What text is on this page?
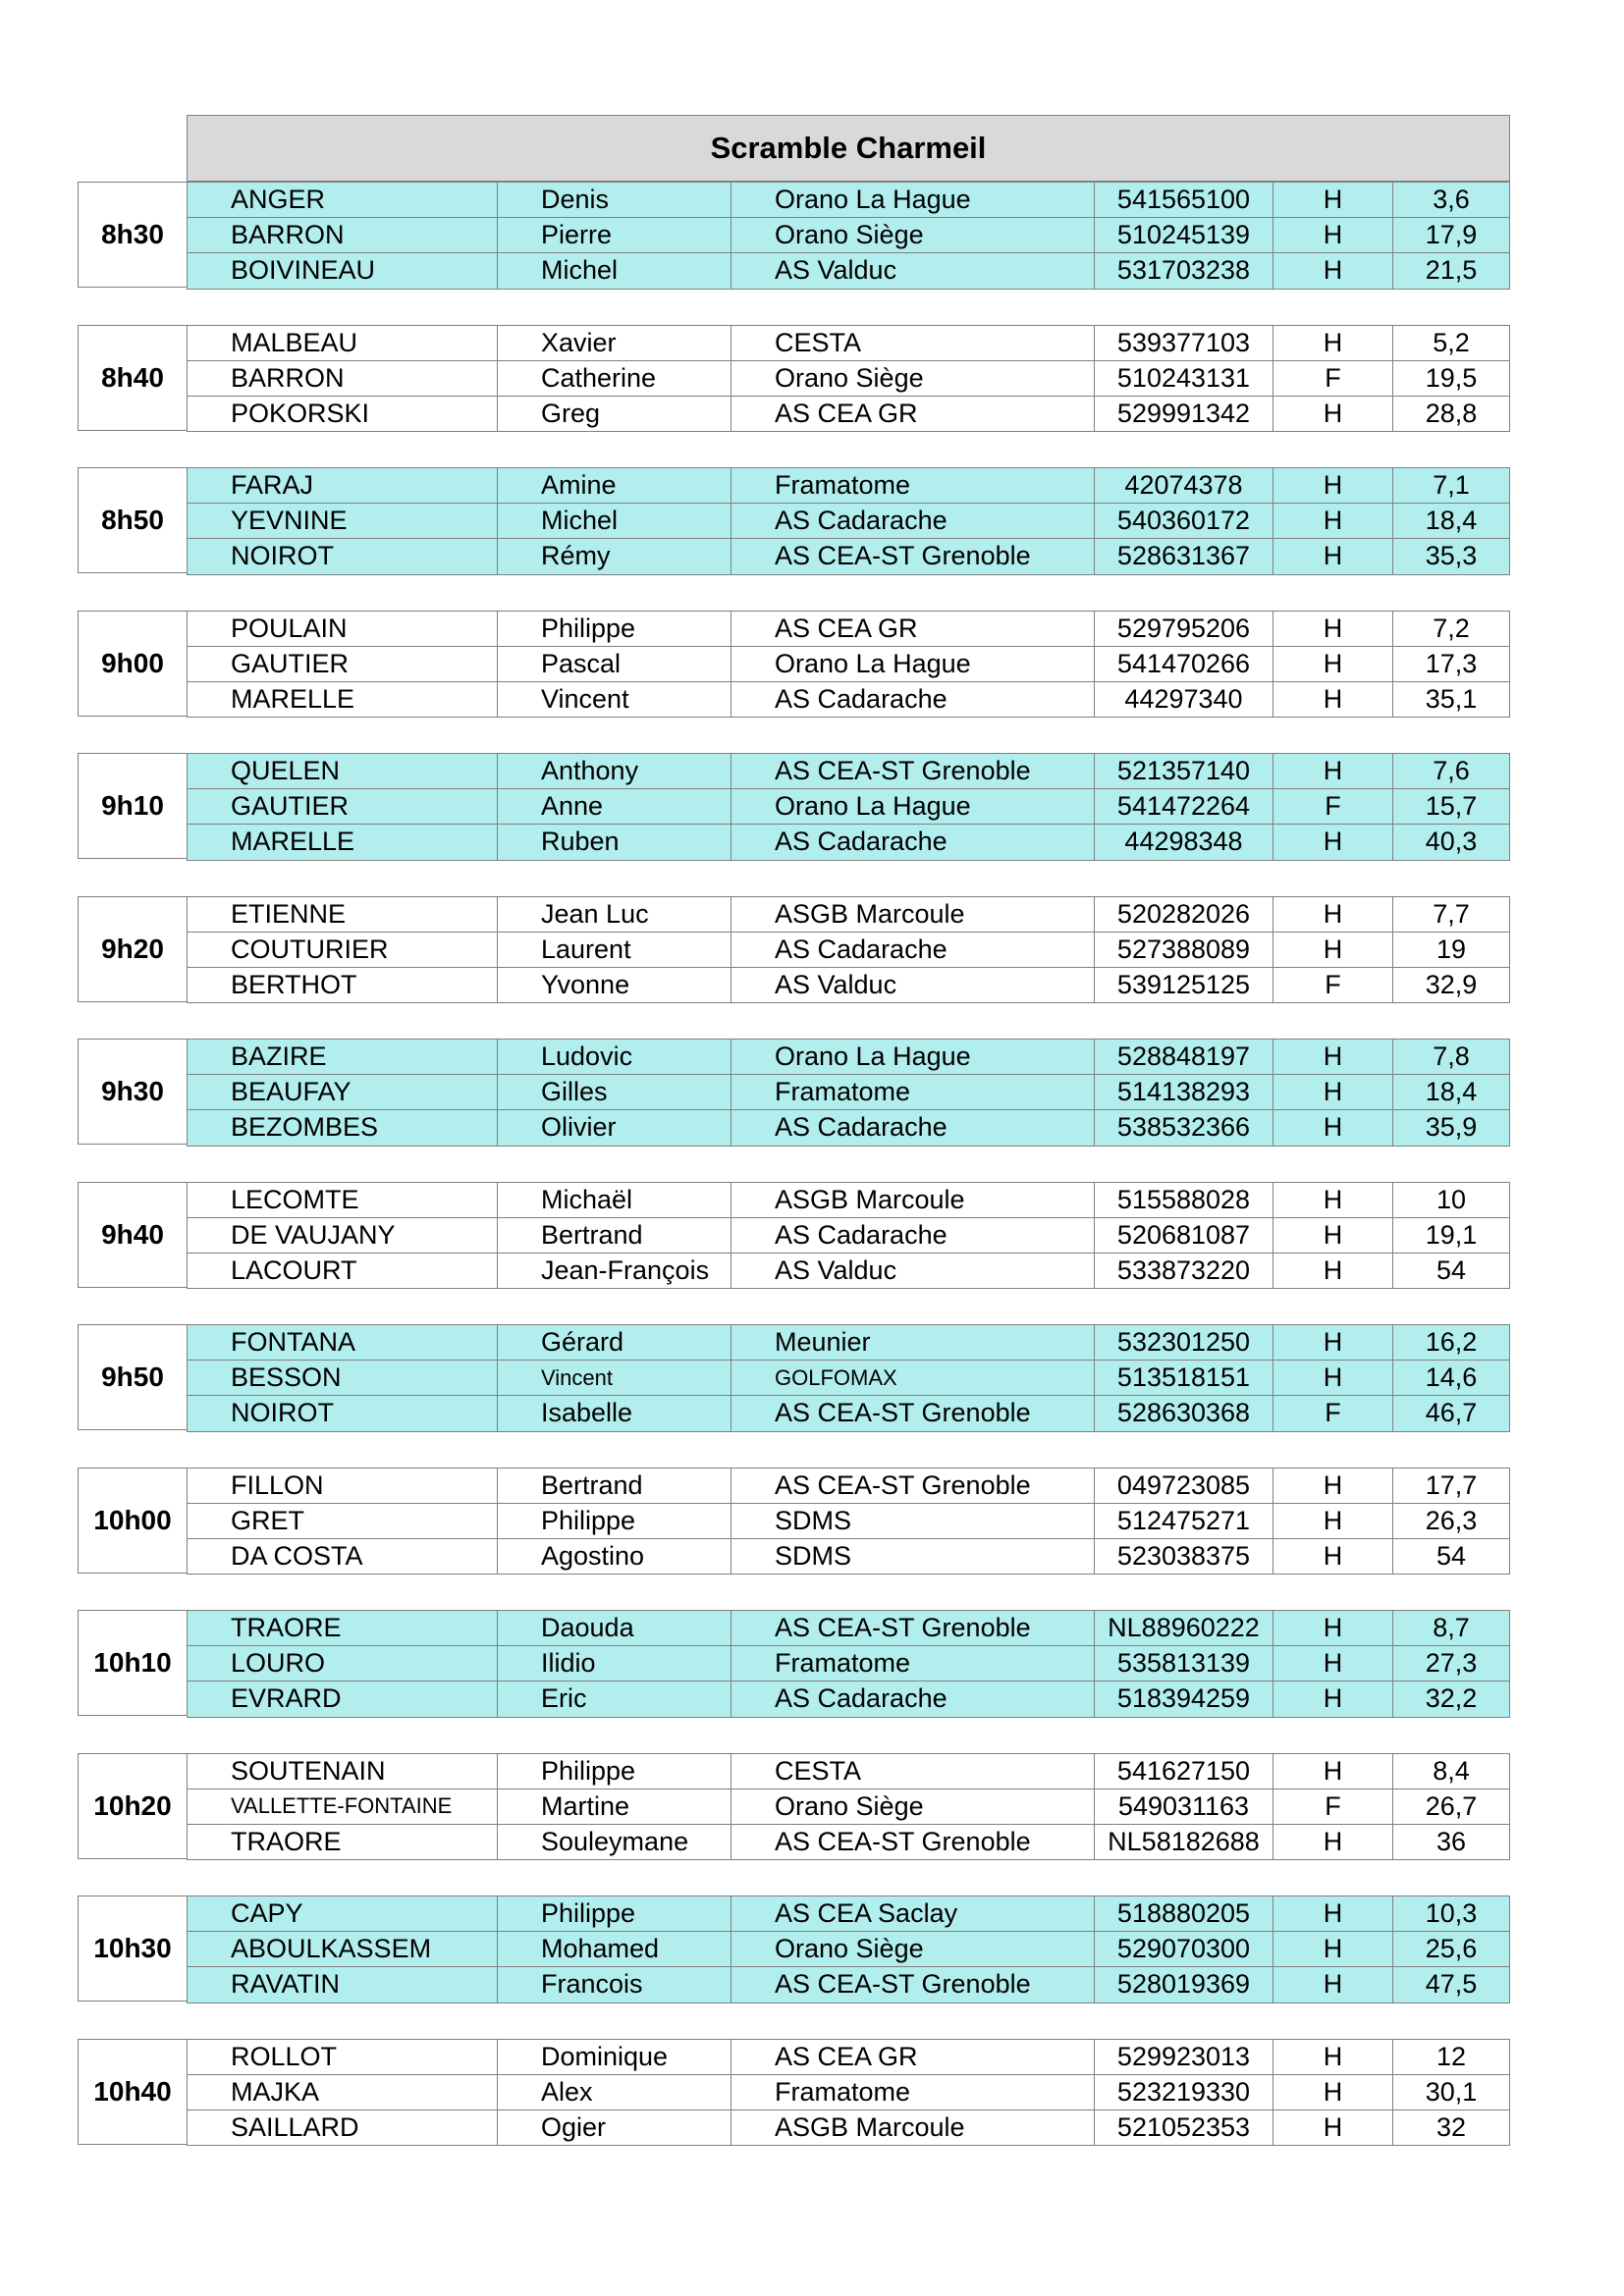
Scramble Charmeil
8h30
ANGER	Denis	Orano La Hague	541565100	H	3,6
BARRON	Pierre	Orano Siège	510245139	H	17,9
BOIVINEAU	Michel	AS Valduc	531703238	H	21,5
8h40
MALBEAU	Xavier	CESTA	539377103	H	5,2
BARRON	Catherine	Orano Siège	510243131	F	19,5
POKORSKI	Greg	AS CEA GR	529991342	H	28,8
8h50
FARAJ	Amine	Framatome	42074378	H	7,1
YEVNINE	Michel	AS Cadarache	540360172	H	18,4
NOIROT	Rémy	AS CEA-ST Grenoble	528631367	H	35,3
9h00
POULAIN	Philippe	AS CEA GR	529795206	H	7,2
GAUTIER	Pascal	Orano La Hague	541470266	H	17,3
MARELLE	Vincent	AS Cadarache	44297340	H	35,1
9h10
QUELEN	Anthony	AS CEA-ST Grenoble	521357140	H	7,6
GAUTIER	Anne	Orano La Hague	541472264	F	15,7
MARELLE	Ruben	AS Cadarache	44298348	H	40,3
9h20
ETIENNE	Jean Luc	ASGB Marcoule	520282026	H	7,7
COUTURIER	Laurent	AS Cadarache	527388089	H	19
BERTHOT	Yvonne	AS Valduc	539125125	F	32,9
9h30
BAZIRE	Ludovic	Orano La Hague	528848197	H	7,8
BEAUFAY	Gilles	Framatome	514138293	H	18,4
BEZOMBES	Olivier	AS Cadarache	538532366	H	35,9
9h40
LECOMTE	Michaël	ASGB Marcoule	515588028	H	10
DE VAUJANY	Bertrand	AS Cadarache	520681087	H	19,1
LACOURT	Jean-François	AS Valduc	533873220	H	54
9h50
FONTANA	Gérard	Meunier	532301250	H	16,2
BESSON	Vincent	GOLFOMAX	513518151	H	14,6
NOIROT	Isabelle	AS CEA-ST Grenoble	528630368	F	46,7
10h00
FILLON	Bertrand	AS CEA-ST Grenoble	049723085	H	17,7
GRET	Philippe	SDMS	512475271	H	26,3
DA COSTA	Agostino	SDMS	523038375	H	54
10h10
TRAORE	Daouda	AS CEA-ST Grenoble	NL88960222	H	8,7
LOURO	Ilidio	Framatome	535813139	H	27,3
EVRARD	Eric	AS Cadarache	518394259	H	32,2
10h20
SOUTENAIN	Philippe	CESTA	541627150	H	8,4
VALLETTE-FONTAINE	Martine	Orano Siège	549031163	F	26,7
TRAORE	Souleymane	AS CEA-ST Grenoble	NL58182688	H	36
10h30
CAPY	Philippe	AS CEA Saclay	518880205	H	10,3
ABOULKASSEM	Mohamed	Orano Siège	529070300	H	25,6
RAVATIN	Francois	AS CEA-ST Grenoble	528019369	H	47,5
10h40
ROLLOT	Dominique	AS CEA GR	529923013	H	12
MAJKA	Alex	Framatome	523219330	H	30,1
SAILLARD	Ogier	ASGB Marcoule	521052353	H	32
